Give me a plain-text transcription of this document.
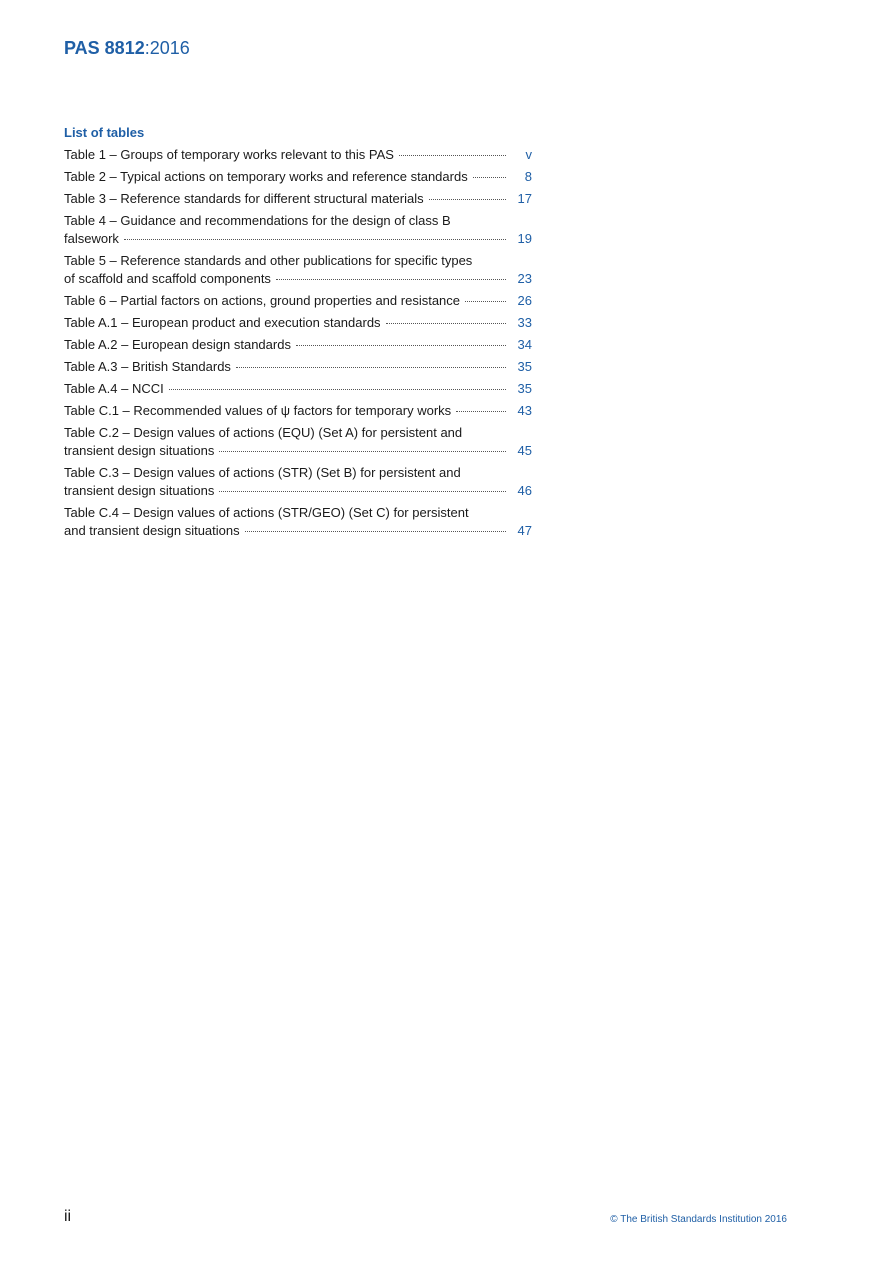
PAS 8812:2016
List of tables
Table 1 – Groups of temporary works relevant to this PAS	v
Table 2 – Typical actions on temporary works and reference standards	8
Table 3 – Reference standards for different structural materials	17
Table 4 – Guidance and recommendations for the design of class B
falsework	19
Table 5 – Reference standards and other publications for specific types
of scaffold and scaffold components	23
Table 6 – Partial factors on actions, ground properties and resistance	26
Table A.1 – European product and execution standards	33
Table A.2 – European design standards	34
Table A.3 – British Standards	35
Table A.4 – NCCI	35
Table C.1 – Recommended values of ψ factors for temporary works	43
Table C.2 – Design values of actions (EQU) (Set A) for persistent and
transient design situations	45
Table C.3 – Design values of actions (STR) (Set B) for persistent and
transient design situations	46
Table C.4 – Design values of actions (STR/GEO) (Set C) for persistent
and transient design situations	47
ii	© The British Standards Institution 2016
